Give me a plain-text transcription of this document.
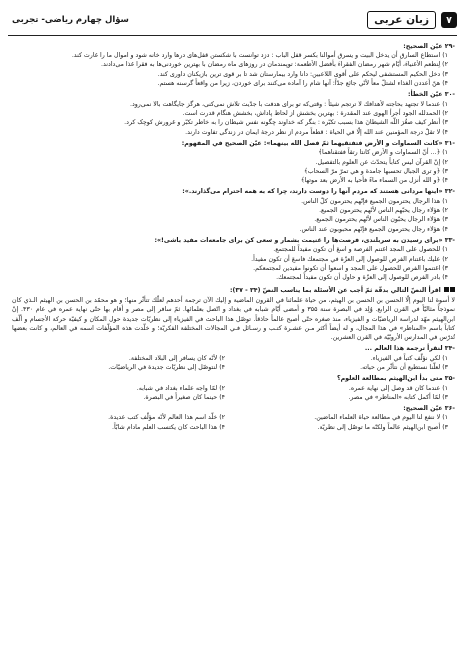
۷
زبان عربی
سؤال چهارم ریاضی- تجربی
-۲۹ عيّن الصحيح:
۱) استطاع السارق أن يدخل البيت و يسرق أموالنا بكسر قفل الباب : دزد توانست با شكستن قفل‌های درها وارد خانه شود و اموال ما را غارت كند.
۲) لِنطعم الأغنياءَ، أيّام شهر رمضان الفقراءَ بأفضل الأطعمة: توپمندمان در روزهای ماه رمضان با بهترین خوردنی‌ها به فقرا غذا می‌دادند.
۳) دخل الحكيم المستشفى ليحكم على أقوى اللاعبين: دانا وارد بیمارستان شد تا بر قوی ترین بازیکنان داوری کند.
۴) هنّ أعددن الغذاء لشتلّ معاً لأنّي جائع جدّاً: آنها شام را آماده می‌کنند برای خوردن، زیرا من واقعاً گرسنه هستم.
-۳۰ عيّن الخطأ:
۱) عندما لا تجتهد بحاجته لأهدافك لا ترتجم شيئاً : وقتی‌که تو برای هدفت با جدّیت تلاش نمی‌کنی، هرگز جایگاهت بالا نمی‌رود.
۲) الحمدلله الجود أجرأ الهوى عند المقدرة : بهترین بخشش از لحاظ پاداش، بخشش هنگام قدرت است.
۳) أنظر كيف صغُرَ اللّه الشيطانَ هذا بسبب تكبّره : بنگر که خداوند چگونه نفس شیطان را به خاطر تکبّر و غرورش کوچک کرد.
۴) لا تقلّ درجة المؤمنين عند الله إلّا في الحياة : قطعاً مردم از نظر درجهٔ ایمان در زندگی تفاوت دارند.
-۳۱ «كانت السماوات و الأرض فتفتقيهما ثمّ فصل الله بينهما»: عيّن الصحيح في المفهوم:
۱) ﴿... أنّ السماوات و الأرض كانتا رتقاً ففتقناهما﴾
۲) إنّ القرآن ليس كتاباً يتحدّث عن العلوم بالتفصيل.
۳) ﴿و ترى الجبال تحسبها جامدة و هي تمرّ مرّ السحاب﴾
۴) ﴿و الله أنزل من السماء ماءً فأحيا به الأرض بعد موتها﴾
-۳۲ «اینها مردانی هستند که مردم آنها را دوست دارند، چرا که به همه احترام می‌گذارند.»:
۱) هذا الرجال يحترمون الجميع فإنّهم يحترمون كلّ الناس.
۲) هؤلاء رجال يحبّهم الناس لأنّهم يحترمون الجميع.
۳) هؤلاء الرجال يحبّون الناس لأنّهم يحترمون الجميع.
۴) هؤلاء رجال يحترمون الجميع فإنّهم محبوبون عند الناس.
-۳۳ «برای رسیدن به سربلندی، فرصت‌ها را غنیمت بشمار و سعی کن برای جامعه‌ات مفید باشی!»:
۱) للحصول على المجد اغتنم الفرصة و اسعَ أن تكون مفيداً للمجتمع.
۲) عليك باغتنام الفرص للوصول إلى العزّة في مجتمعك فاسعَ أن تكون مفيداً.
۳) اغتنموا الفرص للحصول على المجد و اسعوا أن تكونوا مفيدين لمجتمعكم.
۴) بادر الفرص للوصول إلى العزّة و حاول أن تكون مفيداً لمجتمعك.
اقرأ النصّ التالي بدقّة ثمّ أجب عن الأسئلة بما يناسب النصّ (۳۴ - ۳۷):
لا أسوة لنا الیوم إلّا الحسن بن الحسن بن الهیثم، من حیاة علمائنا في القرون الماضیة و إلیك الآن ترجمة أحدهم لعلّك تتأثّر منها؛ و هو محمّد بن الحسن بن الهیثم الـذي كان نموذجاً مثالیّاً في القرن الرابع. وُلِد في البصرة سنة ۳۵۵ و أمضى أیّام شبابه في بغداد و اتّصل بعلمائها. ثمّ سافر إلى مصر و أقام بها حتّى نهایة عمره في عام ۴۳۰. إنّ ابن‌الهیثم مهّد لدراسة الریاضیّات و الفیزیاء، منذ صغره حتّى أصبح عالماً حاذقاً. توصّل هذا الباحث في الفیزیاء إلى نظریّات جدیدة حول المكان و كیفیّة حركة الأجسام و ألّف كتاباً باسم «المناظر» في هذا المجال، و له أیضاً أكثر مـن عشـرة كتـب و رسـائل فـي المجالات المختلفة الفكریّة؛ و خلّدت هذه المؤلّفات اسمه في العالم، و كانت بعضها تُدرّس في المدارس الأروبّیّة في القرن العشرین.
-۳۴ لنقرأ ترجمة هذا العالم ...
۱) لكي نؤلّف كتباً في الفیزیاء.
۲) لأنّه كان یسافر إلى البلاد المختلفة.
۳) لعلّنا نستطیع أن نتأثّر من حیاته.
۴) لنتوصّل إلى نظریّات جدیدة في الریاضیّات.
-۳۵ متی بدأ ابن‌الهیثم بمطالعة العلوم؟
۱) عندما كان قد وصل إلى نهایة عمره.
۲) لمّا واجه علماء بغداد في شبابه.
۳) لمّا أكمل كتابه «المناظر» في مصر.
۴) حینما كان صغیراً في البصرة.
-۳۶ عيّن الصحيح:
۱) لا ننفع لنا الیوم في مطالعة حیاة العلماء الماضین.
۲) خلّد اسم هذا العالم لأنّه مؤلّف كتب عدیدة.
۳) أصبح ابن‌الهیثم عالماً ولكنّه ما توصّل إلى نظریّة.
۴) هذا الباحث كان یكتسب العلم مادام شابّاً.
